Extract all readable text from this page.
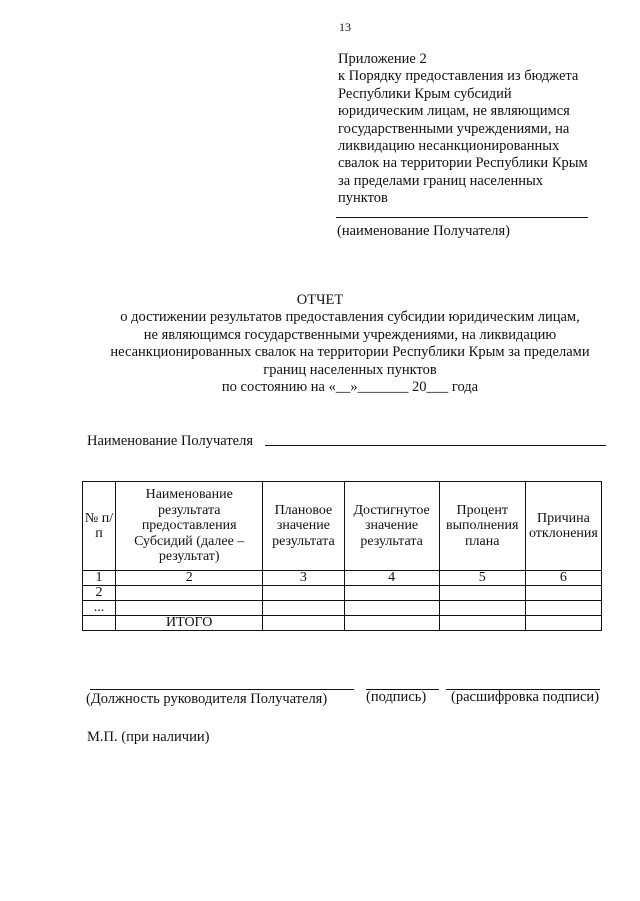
13
Приложение 2
к Порядку предоставления из бюджета
Республики Крым субсидий
юридическим лицам, не являющимся
государственными учреждениями, на
ликвидацию несанкционированных
свалок на территории Республики Крым
за пределами границ населенных
пунктов
(наименование Получателя)
ОТЧЕТ
о достижении результатов предоставления субсидии юридическим лицам,
не являющимся государственными учреждениями, на ликвидацию
несанкционированных свалок на территории Республики Крым за пределами
границ населенных пунктов
по состоянию на «__»_______ 20___ года
Наименование Получателя
№ п/п	Наименование результата предоставления Субсидий (далее – результат)	Плановое значение результата	Достигнутое значение результата	Процент выполнения плана	Причина отклонения
1	2	3	4	5	6
2					
...					
	ИТОГО				
(Должность руководителя Получателя)	(подпись) (расшифровка подписи)
М.П. (при наличии)
